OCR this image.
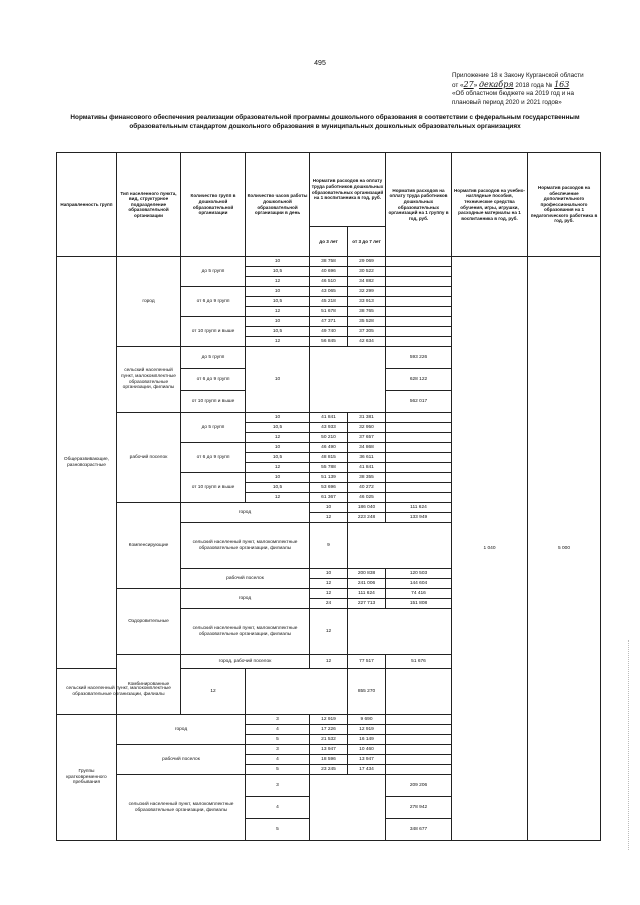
495
Приложение 18 к Закону Курганской области
от «27» декабря 2018 года № 163
«Об областном бюджете на 2019 год и на
плановый период 2020 и 2021 годов»
Нормативы финансового обеспечения реализации образовательной программы дошкольного образования в соответствии с федеральным государственным образовательным стандартом дошкольного образования в муниципальных дошкольных образовательных организациях
Направленность групп	Тип населенного пункта, вид, структурное подразделение образовательной организации	Количество групп в дошкольной образовательной организации	Количество часов работы дошкольной образовательной организации в день	Норматив расходов на оплату труда работников дошкольных образовательных организаций на 1 воспитанника в год, руб.		Норматив расходов на оплату труда работников дошкольных образовательных организаций на 1 группу в год, руб.	Норматив расходов на учебно-наглядные пособия, технические средства обучения, игры, игрушки, расходные материалы на 1 воспитанника в год, руб.	Норматив расходов на обеспечение дополнительного профессионального образования на 1 педагогического работника в год, руб.	
				до 3 лет	от 3 до 7 лет				
Общеразвивающие, разновозрастные	город	до 5 групп	10	38 758	29 069		1 040	5 000	
			10,5	40 696	30 522				
			12	46 510	34 882				
		от 6 до 9 групп	10	43 065	32 299				
			10,5	45 218	33 913				
			12	51 678	38 765				
		от 10 групп и выше	10	47 371	35 528				
			10,5	49 740	37 305				
			12	56 845	42 634				
	сельский населенный пункт, малокомплектные образовательные организации, филиалы	до 5 групп	10			593 226			
		от 6 до 9 групп				628 122			
		от 10 групп и выше				562 017			
	рабочий поселок	до 5 групп	10	41 841	31 381				
			10,5	43 933	32 950				
			12	50 210	37 657				
		от 6 до 9 групп	10	46 490	34 868				
			10,5	48 815	36 611				
			12	55 788	41 841				
		от 10 групп и выше	10	51 139	38 355				
			10,5	53 696	40 272				
			12	61 367	46 025				
	Компенсирующие	город		10	186 040	111 624			
				12	223 248	133 949			
		сельский населенный пункт, малокомплектные образовательные организации, филиалы		9		
		рабочий поселок		10	200 838	120 503			
				12	241 006	144 604			
	Оздоровительные	город		12	111 624	74 416			
				24	227 713	151 808			
		сельский населенный пункт, малокомплектные образовательные организации, филиалы		12		
	Комбинированные	город, рабочий поселок		12	77 517	51 676			
сельский населенный пункт, малокомплектные образовательные организации, филиалы		12			855 270				
Группы кратковременного пребывания	город		3	12 919	9 690				
			4	17 226	12 919				
			5	21 532	16 149				
	рабочий поселок		3	13 947	10 460				
			4	18 596	13 947				
			5	23 245	17 434				
	сельский населенный пункт, малокомплектные образовательные организации, филиалы		3			209 206			
			4			278 942			
			5			348 677			
